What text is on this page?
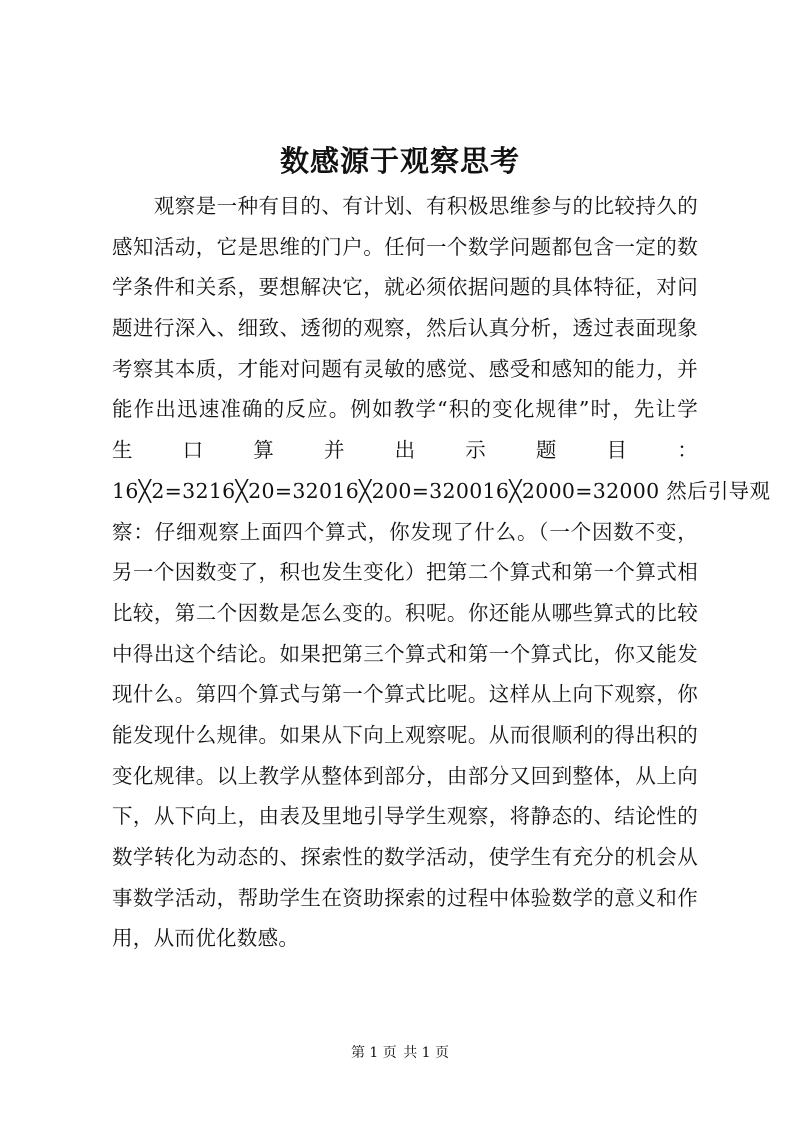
数感源于观察思考
　　观察是一种有目的、有计划、有积极思维参与的比较持久的
感知活动，它是思维的门户。任何一个数学问题都包含一定的数
学条件和关系，要想解决它，就必须依据问题的具体特征，对问
题进行深入、细致、透彻的观察，然后认真分析，透过表面现象
考察其本质，才能对问题有灵敏的感觉、感受和感知的能力，并
能作出迅速准确的反应。例如教学“积的变化规律”时，先让学
生 口 算 并 出 示 题 目 ：
16╳2=3216╳20=32016╳200=320016╳2000=32000 然后引导观
察：仔细观察上面四个算式，你发现了什么。（一个因数不变，
另一个因数变了，积也发生变化）把第二个算式和第一个算式相
比较，第二个因数是怎么变的。积呢。你还能从哪些算式的比较
中得出这个结论。如果把第三个算式和第一个算式比，你又能发
现什么。第四个算式与第一个算式比呢。这样从上向下观察，你
能发现什么规律。如果从下向上观察呢。从而很顺利的得出积的
变化规律。以上教学从整体到部分，由部分又回到整体，从上向
下，从下向上，由表及里地引导学生观察，将静态的、结论性的
数学转化为动态的、探索性的数学活动，使学生有充分的机会从
事数学活动，帮助学生在资助探索的过程中体验数学的意义和作
用，从而优化数感。
第 1 页 共 1 页
